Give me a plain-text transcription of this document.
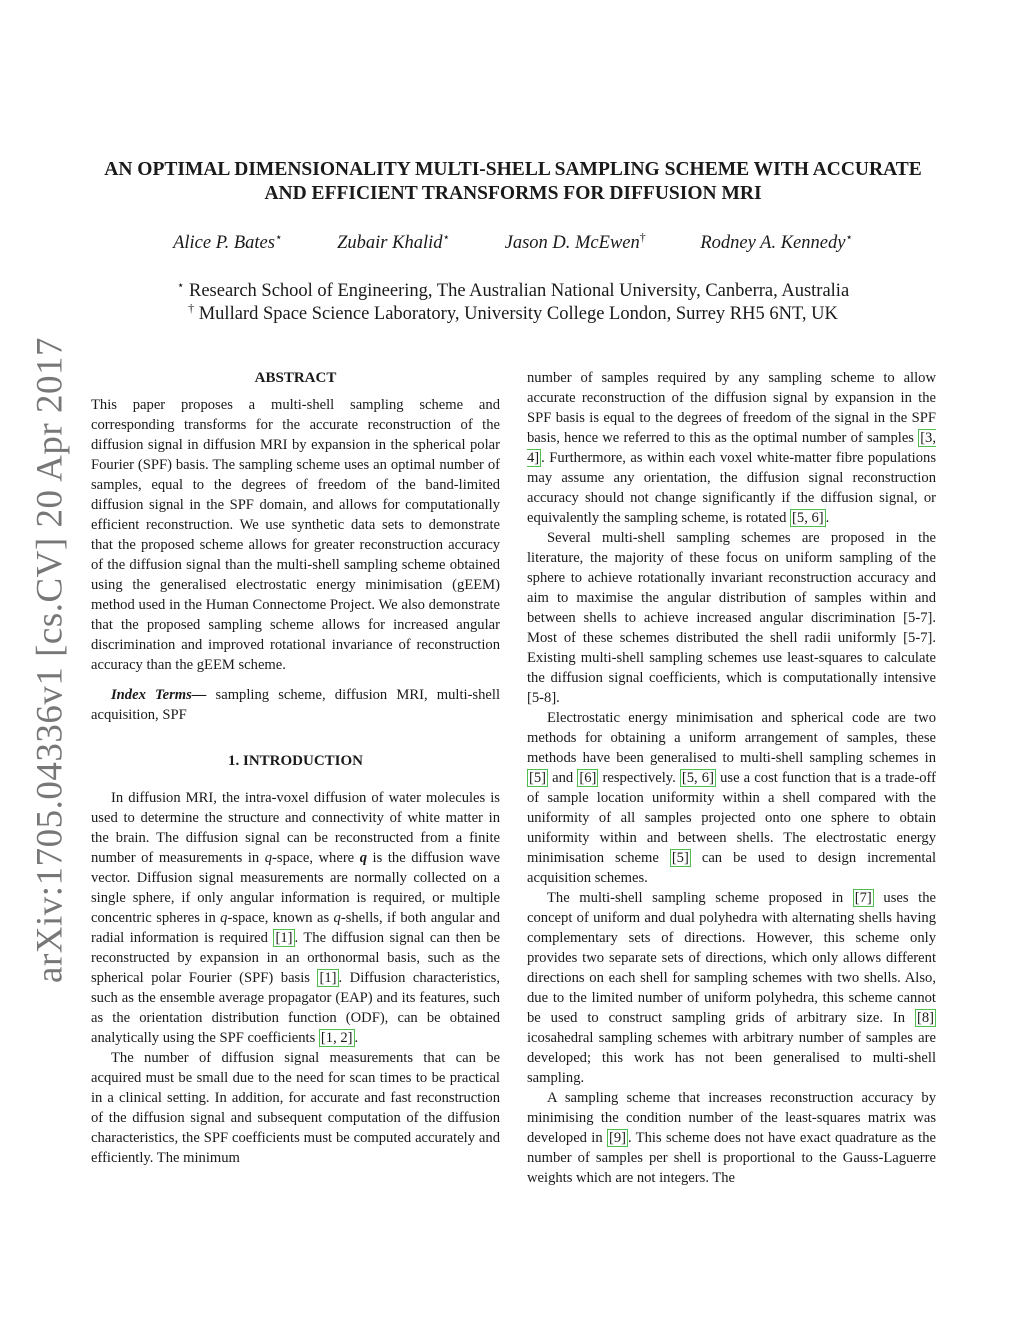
arXiv:1705.04336v1 [cs.CV] 20 Apr 2017
AN OPTIMAL DIMENSIONALITY MULTI-SHELL SAMPLING SCHEME WITH ACCURATE
AND EFFICIENT TRANSFORMS FOR DIFFUSION MRI
Alice P. Bates⋆	Zubair Khalid⋆	Jason D. McEwen†	Rodney A. Kennedy⋆
⋆ Research School of Engineering, The Australian National University, Canberra, Australia
† Mullard Space Science Laboratory, University College London, Surrey RH5 6NT, UK
ABSTRACT

This paper proposes a multi-shell sampling scheme and corresponding transforms for the accurate reconstruction of the diffusion signal in diffusion MRI by expansion in the spherical polar Fourier (SPF) basis. The sampling scheme uses an optimal number of samples, equal to the degrees of freedom of the band-limited diffusion signal in the SPF domain, and allows for computationally efficient reconstruction. We use synthetic data sets to demonstrate that the proposed scheme allows for greater reconstruction accuracy of the diffusion signal than the multi-shell sampling scheme obtained using the generalised electrostatic energy minimisation (gEEM) method used in the Human Connectome Project. We also demonstrate that the proposed sampling scheme allows for increased angular discrimination and improved rotational invariance of reconstruction accuracy than the gEEM scheme.

Index Terms— sampling scheme, diffusion MRI, multi-shell acquisition, SPF

1. INTRODUCTION

In diffusion MRI, the intra-voxel diffusion of water molecules is used to determine the structure and connectivity of white matter in the brain. The diffusion signal can be reconstructed from a finite number of measurements in q-space, where q is the diffusion wave vector. Diffusion signal measurements are normally collected on a single sphere, if only angular information is required, or multiple concentric spheres in q-space, known as q-shells, if both angular and radial information is required [1] . The diffusion signal can then be reconstructed by expansion in an orthonormal basis, such as the spherical polar Fourier (SPF) basis [1] . Diffusion characteristics, such as the ensemble average propagator (EAP) and its features, such as the orientation distribution function (ODF), can be obtained analytically using the SPF coefficients [1, 2] .

The number of diffusion signal measurements that can be acquired must be small due to the need for scan times to be practical in a clinical setting. In addition, for accurate and fast reconstruction of the diffusion signal and subsequent computation of the diffusion characteristics, the SPF coefficients must be computed accurately and efficiently. The minimum

number of samples required by any sampling scheme to allow accurate reconstruction of the diffusion signal by expansion in the SPF basis is equal to the degrees of freedom of the signal in the SPF basis, hence we referred to this as the optimal number of samples [3, 4] . Furthermore, as within each voxel white-matter fibre populations may assume any orientation, the diffusion signal reconstruction accuracy should not change significantly if the diffusion signal, or equivalently the sampling scheme, is rotated [5, 6] .

Several multi-shell sampling schemes are proposed in the literature, the majority of these focus on uniform sampling of the sphere to achieve rotationally invariant reconstruction accuracy and aim to maximise the angular distribution of samples within and between shells to achieve increased angular discrimination [5-7]. Most of these schemes distributed the shell radii uniformly [5-7]. Existing multi-shell sampling schemes use least-squares to calculate the diffusion signal coefficients, which is computationally intensive [5-8].

Electrostatic energy minimisation and spherical code are two methods for obtaining a uniform arrangement of samples, these methods have been generalised to multi-shell sampling schemes in [5] and [6] respectively. [5, 6] use a cost function that is a trade-off of sample location uniformity within a shell compared with the uniformity of all samples projected onto one sphere to obtain uniformity within and between shells. The electrostatic energy minimisation scheme [5] can be used to design incremental acquisition schemes.

The multi-shell sampling scheme proposed in [7] uses the concept of uniform and dual polyhedra with alternating shells having complementary sets of directions. However, this scheme only provides two separate sets of directions, which only allows different directions on each shell for sampling schemes with two shells. Also, due to the limited number of uniform polyhedra, this scheme cannot be used to construct sampling grids of arbitrary size. In [8] icosahedral sampling schemes with arbitrary number of samples are developed; this work has not been generalised to multi-shell sampling.

A sampling scheme that increases reconstruction accuracy by minimising the condition number of the least-squares matrix was developed in [9] . This scheme does not have exact quadrature as the number of samples per shell is proportional to the Gauss-Laguerre weights which are not integers. The
